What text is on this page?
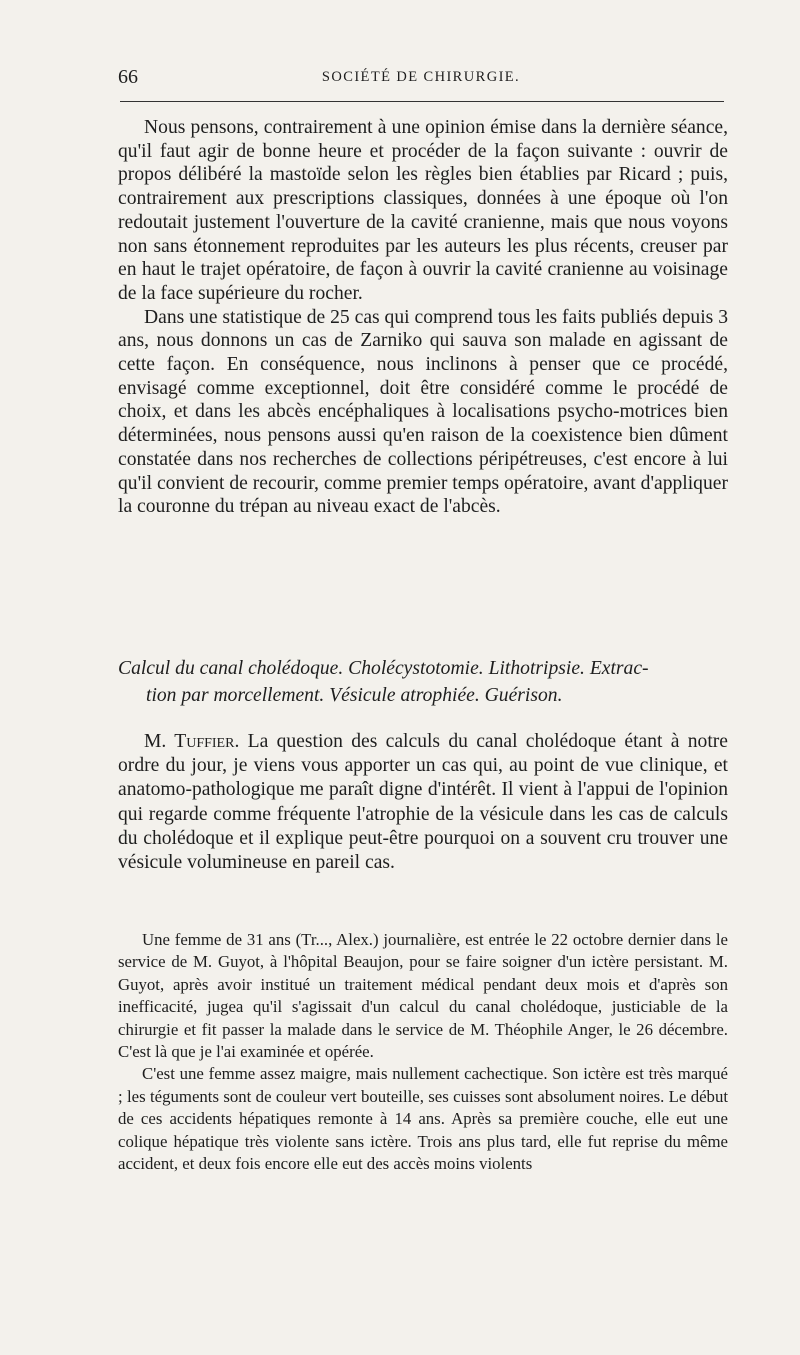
66	SOCIÉTÉ DE CHIRURGIE.

Nous pensons, contrairement à une opinion émise dans la dernière séance, qu'il faut agir de bonne heure et procéder de la façon suivante : ouvrir de propos délibéré la mastoïde selon les règles bien établies par Ricard ; puis, contrairement aux prescriptions classiques, données à une époque où l'on redoutait justement l'ouverture de la cavité cranienne, mais que nous voyons non sans étonnement reproduites par les auteurs les plus récents, creuser par en haut le trajet opératoire, de façon à ouvrir la cavité cranienne au voisinage de la face supérieure du rocher.

Dans une statistique de 25 cas qui comprend tous les faits publiés depuis 3 ans, nous donnons un cas de Zarniko qui sauva son malade en agissant de cette façon. En conséquence, nous inclinons à penser que ce procédé, envisagé comme exceptionnel, doit être considéré comme le procédé de choix, et dans les abcès encéphaliques à localisations psycho-motrices bien déterminées, nous pensons aussi qu'en raison de la coexistence bien dûment constatée dans nos recherches de collections péripétreuses, c'est encore à lui qu'il convient de recourir, comme premier temps opératoire, avant d'appliquer la couronne du trépan au niveau exact de l'abcès.

Calcul du canal cholédoque. Cholécystotomie. Lithotripsie. Extrac-
tion par morcellement. Vésicule atrophiée. Guérison.

M. Tuffier. La question des calculs du canal cholédoque étant à notre ordre du jour, je viens vous apporter un cas qui, au point de vue clinique, et anatomo-pathologique me paraît digne d'intérêt. Il vient à l'appui de l'opinion qui regarde comme fréquente l'atrophie de la vésicule dans les cas de calculs du cholédoque et il explique peut-être pourquoi on a souvent cru trouver une vésicule volumineuse en pareil cas.

Une femme de 31 ans (Tr..., Alex.) journalière, est entrée le 22 octobre dernier dans le service de M. Guyot, à l'hôpital Beaujon, pour se faire soigner d'un ictère persistant. M. Guyot, après avoir institué un traitement médical pendant deux mois et d'après son inefficacité, jugea qu'il s'agissait d'un calcul du canal cholédoque, justiciable de la chirurgie et fit passer la malade dans le service de M. Théophile Anger, le 26 décembre. C'est là que je l'ai examinée et opérée.

C'est une femme assez maigre, mais nullement cachectique. Son ictère est très marqué ; les téguments sont de couleur vert bouteille, ses cuisses sont absolument noires. Le début de ces accidents hépatiques remonte à 14 ans. Après sa première couche, elle eut une colique hépatique très violente sans ictère. Trois ans plus tard, elle fut reprise du même accident, et deux fois encore elle eut des accès moins violents
